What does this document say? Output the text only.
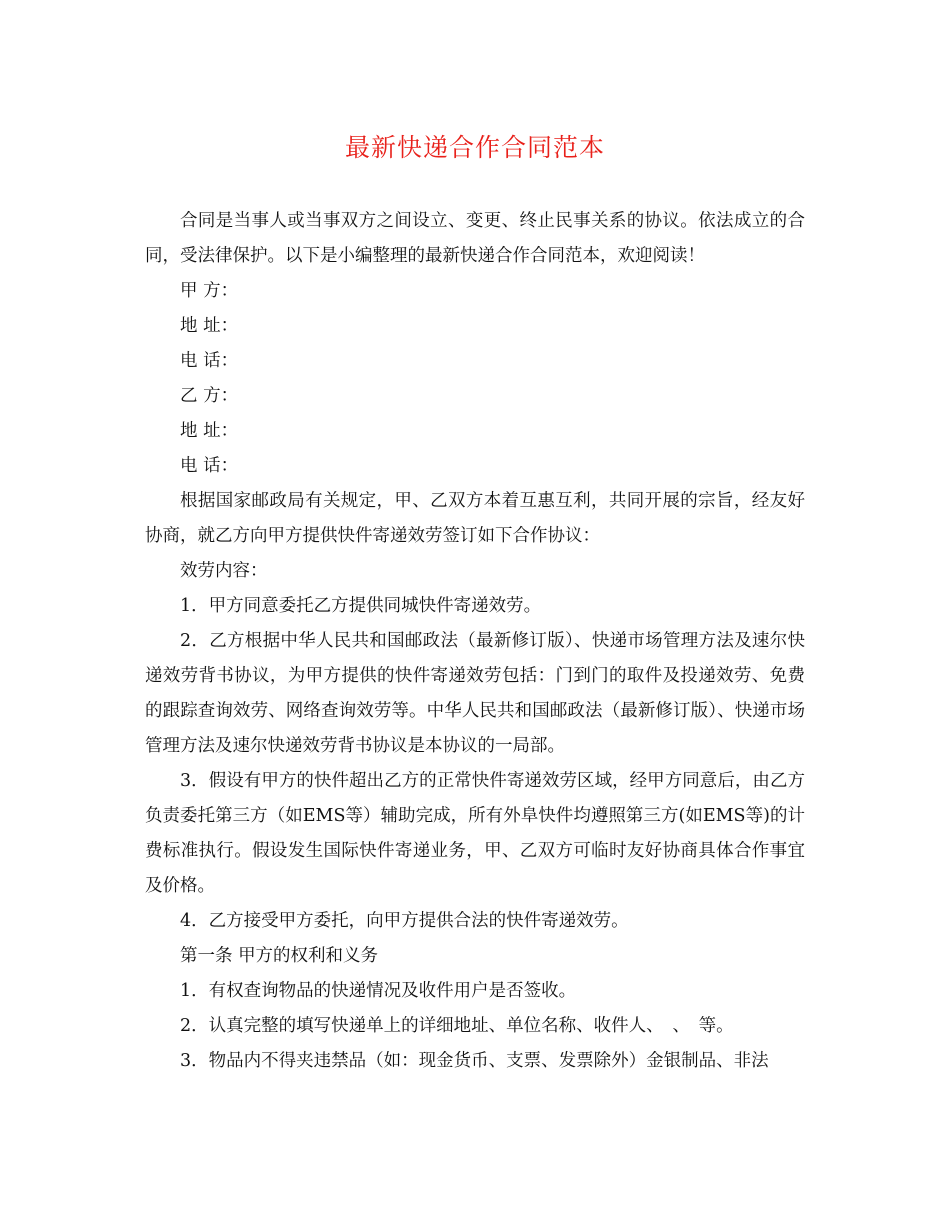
最新快递合作合同范本

合同是当事人或当事双方之间设立、变更、终止民事关系的协议。依法成立的合同，受法律保护。以下是小编整理的最新快递合作合同范本，欢迎阅读！

甲 方：

地 址：

电 话：

乙 方：

地 址：

电 话：

根据国家邮政局有关规定，甲、乙双方本着互惠互利，共同开展的宗旨，经友好协商，就乙方向甲方提供快件寄递效劳签订如下合作协议：

效劳内容：

1．甲方同意委托乙方提供同城快件寄递效劳。

2．乙方根据中华人民共和国邮政法（最新修订版）、快递市场管理方法及速尔快递效劳背书协议，为甲方提供的快件寄递效劳包括：门到门的取件及投递效劳、免费的跟踪查询效劳、网络查询效劳等。中华人民共和国邮政法（最新修订版）、快递市场管理方法及速尔快递效劳背书协议是本协议的一局部。

3．假设有甲方的快件超出乙方的正常快件寄递效劳区域，经甲方同意后，由乙方负责委托第三方（如EMS等）辅助完成，所有外阜快件均遵照第三方(如EMS等)的计费标准执行。假设发生国际快件寄递业务，甲、乙双方可临时友好协商具体合作事宜及价格。

4．乙方接受甲方委托，向甲方提供合法的快件寄递效劳。

第一条 甲方的权利和义务

1．有权查询物品的快递情况及收件用户是否签收。

2．认真完整的填写快递单上的详细地址、单位名称、收件人、　、　等。

3．物品内不得夹违禁品（如：现金货币、支票、发票除外）金银制品、非法
